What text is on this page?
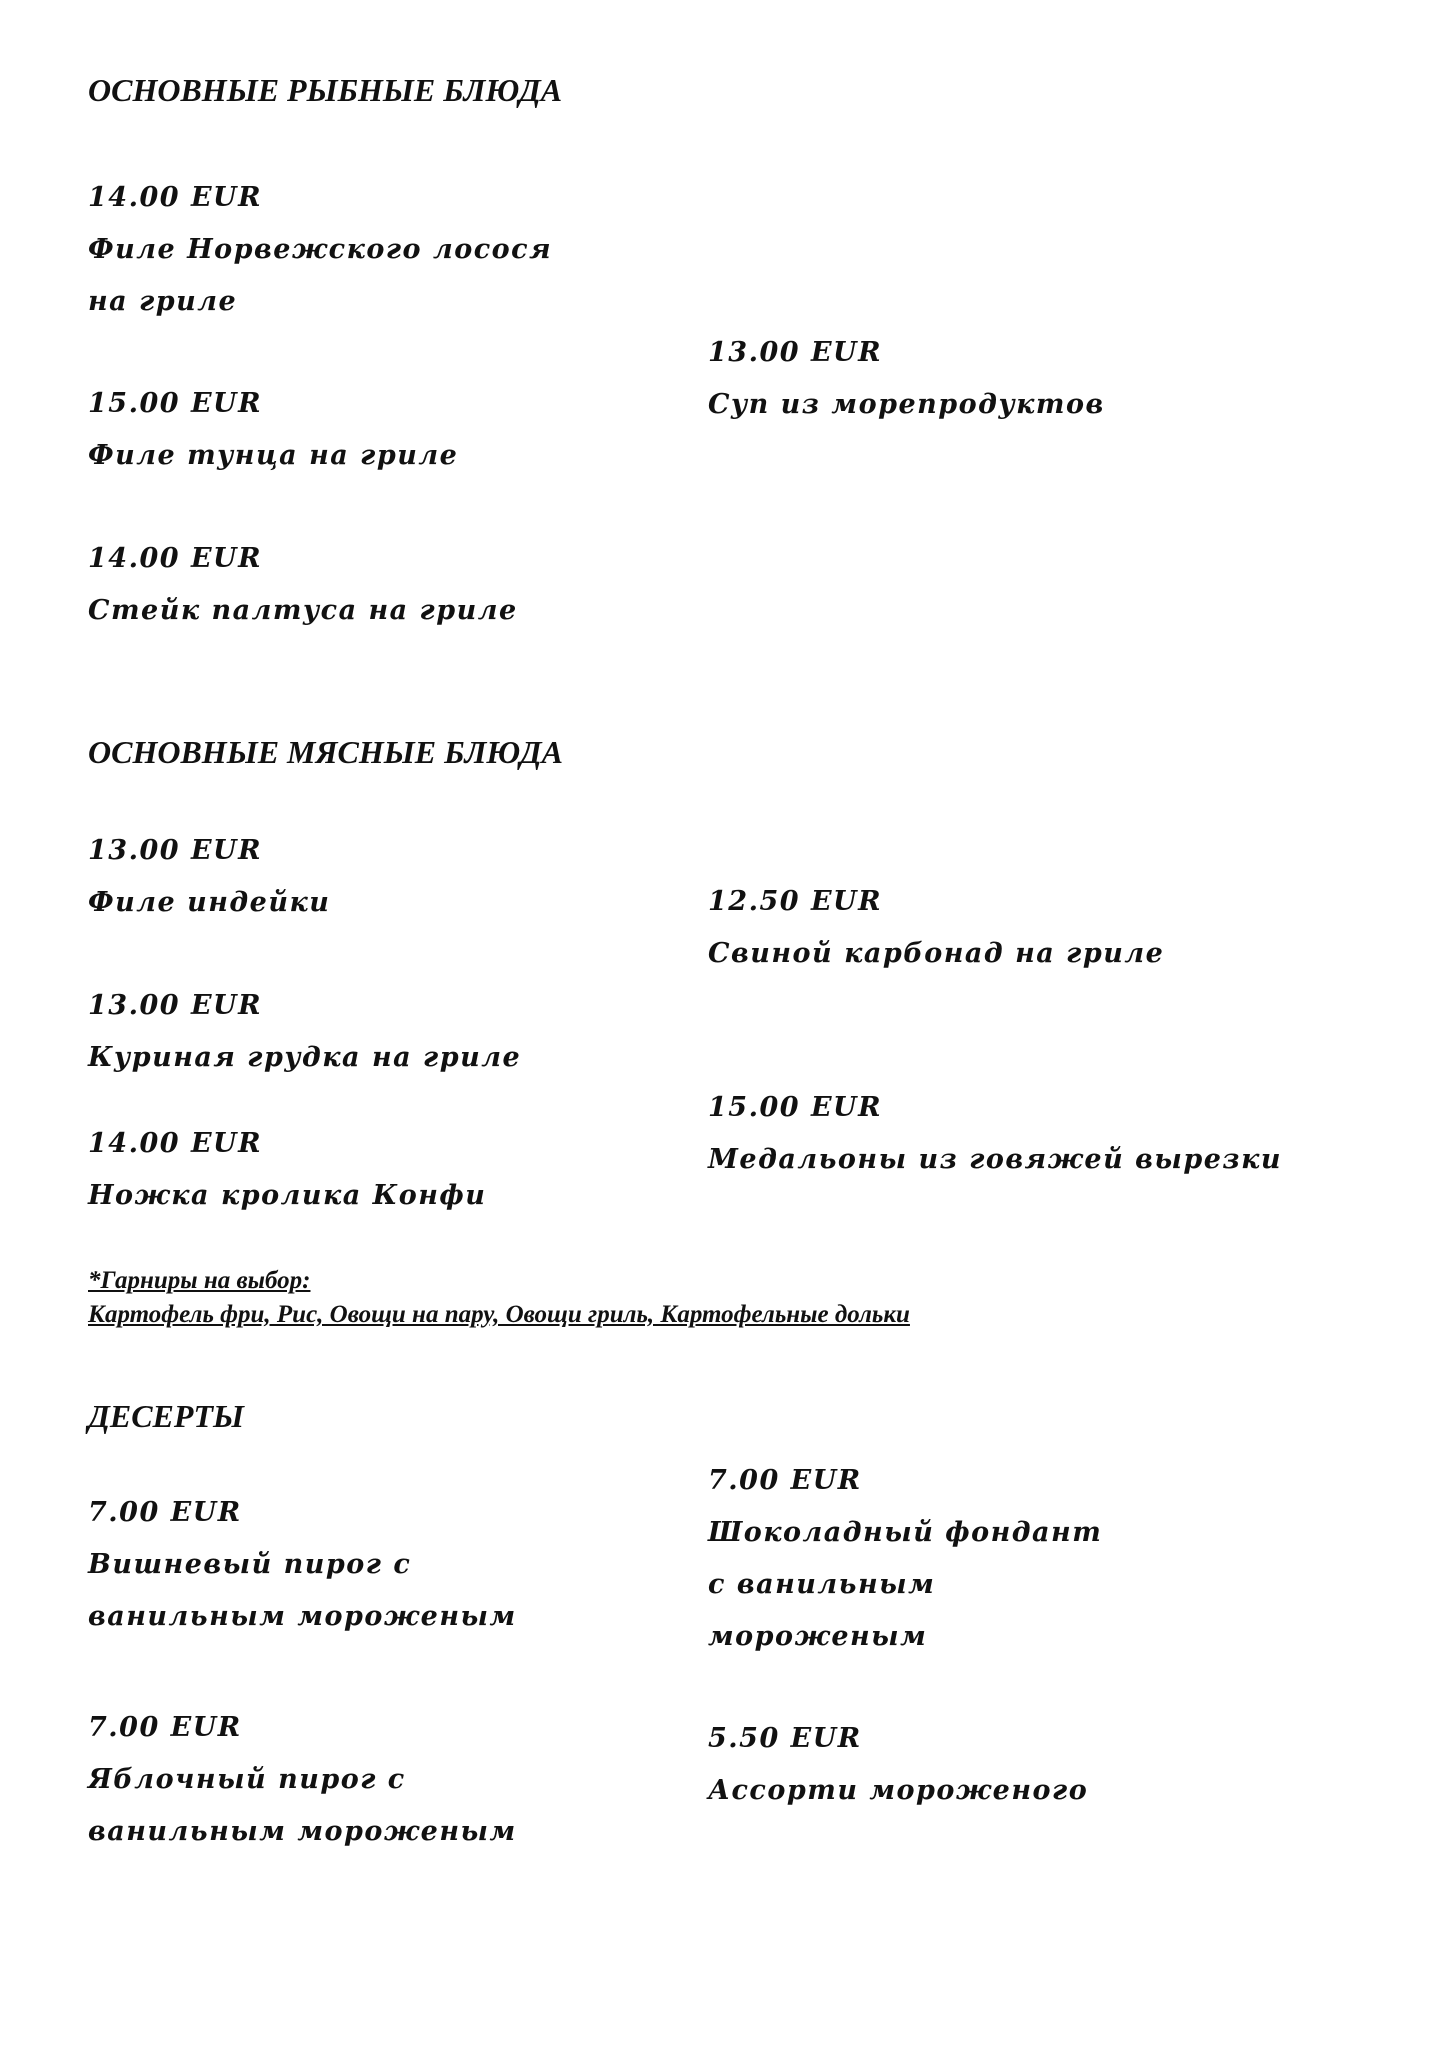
ОСНОВНЫЕ РЫБНЫЕ БЛЮДА
14.00 EUR
Филе Норвежского лосося на гриле
13.00 EUR
Суп из морепродуктов
15.00 EUR
Филе тунца на гриле
14.00 EUR
Стейк палтуса на гриле
ОСНОВНЫЕ МЯСНЫЕ БЛЮДА
13.00 EUR
Филе индейки	12.50 EUR
Свиной карбонад на гриле
13.00 EUR
Куриная грудка на гриле
15.00 EUR
Медальоны из говяжей вырезки
14.00 EUR
Ножка кролика Конфи
*Гарниры на выбор:
Картофель фри, Рис, Овощи на пару, Овощи гриль, Картофельные дольки
ДЕСЕРТЫ
7.00 EUR
Шоколадный фондант с ванильным мороженым
7.00 EUR
Вишневый пирог с ванильным мороженым
7.00 EUR
Яблочный пирог с ванильным мороженым
5.50 EUR
Ассорти мороженого
